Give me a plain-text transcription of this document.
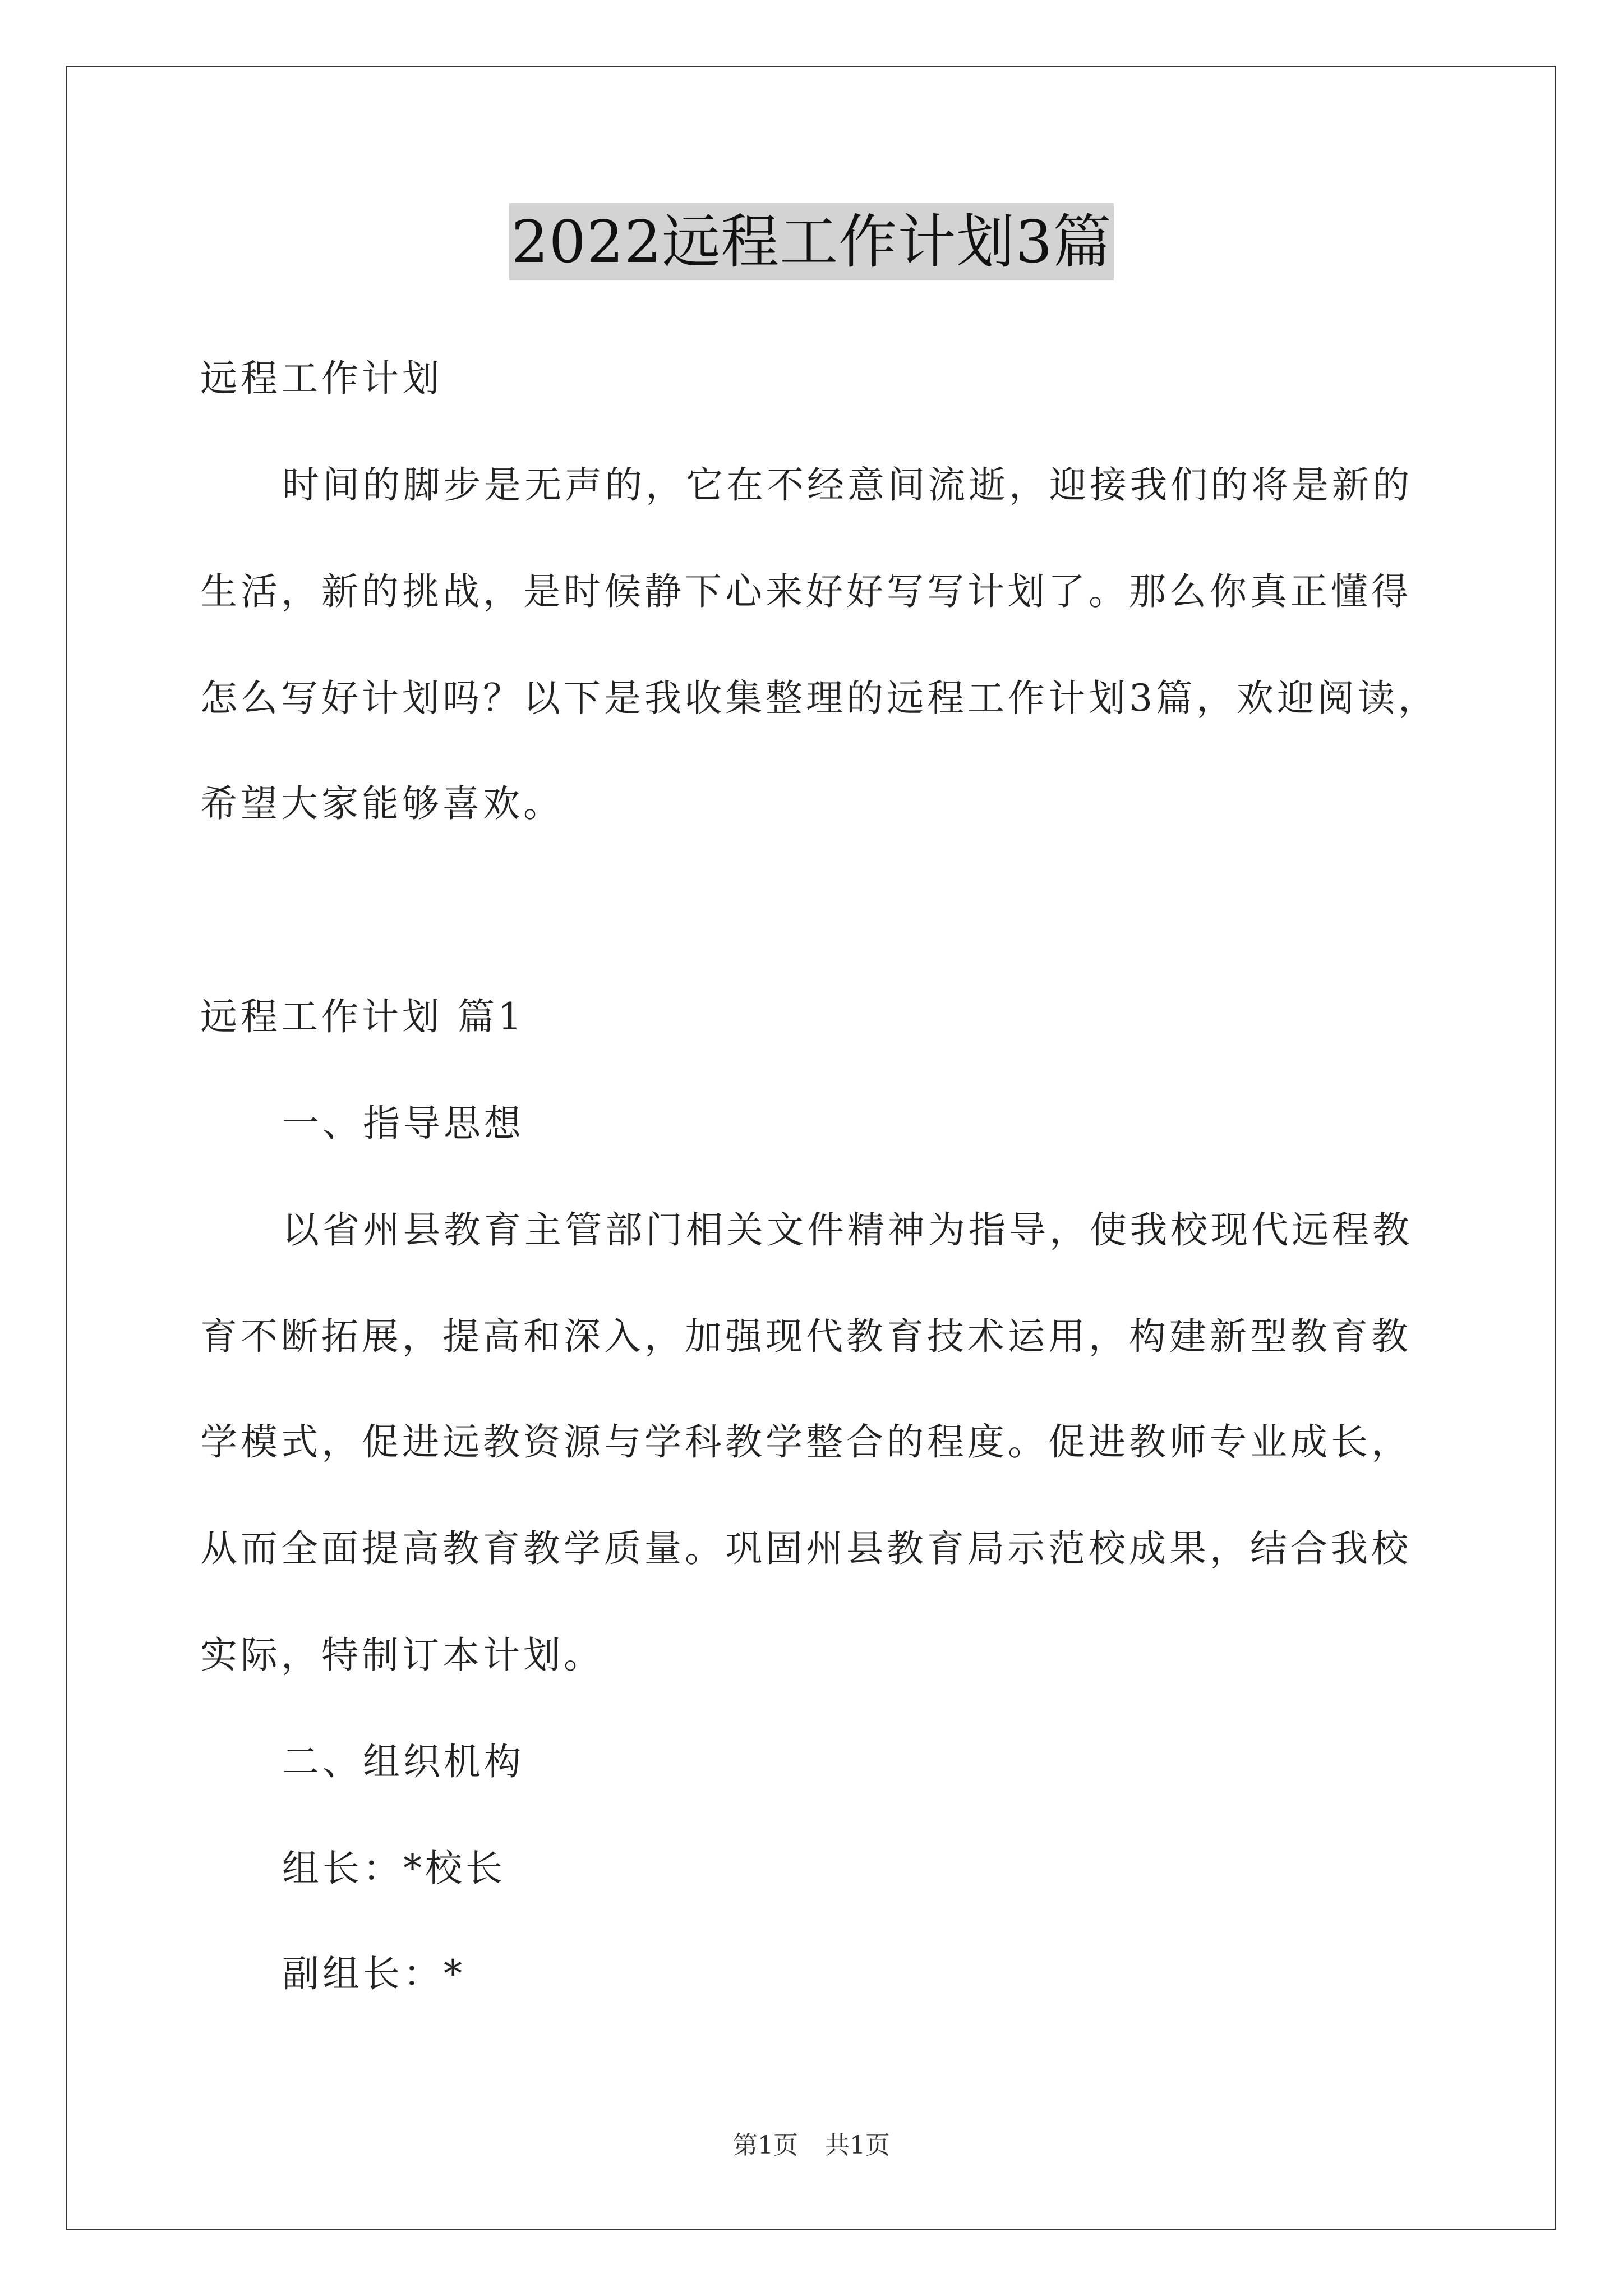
2022远程工作计划3篇
远程工作计划
时间的脚步是无声的，它在不经意间流逝，迎接我们的将是新的
生活，新的挑战，是时候静下心来好好写写计划了。那么你真正懂得
怎么写好计划吗？以下是我收集整理的远程工作计划3篇，欢迎阅读，
希望大家能够喜欢。
远程工作计划 篇1
一、指导思想
以省州县教育主管部门相关文件精神为指导，使我校现代远程教
育不断拓展，提高和深入，加强现代教育技术运用，构建新型教育教
学模式，促进远教资源与学科教学整合的程度。促进教师专业成长，
从而全面提高教育教学质量。巩固州县教育局示范校成果，结合我校
实际，特制订本计划。
二、组织机构
组长：*校长
副组长：*
第1页 共1页
